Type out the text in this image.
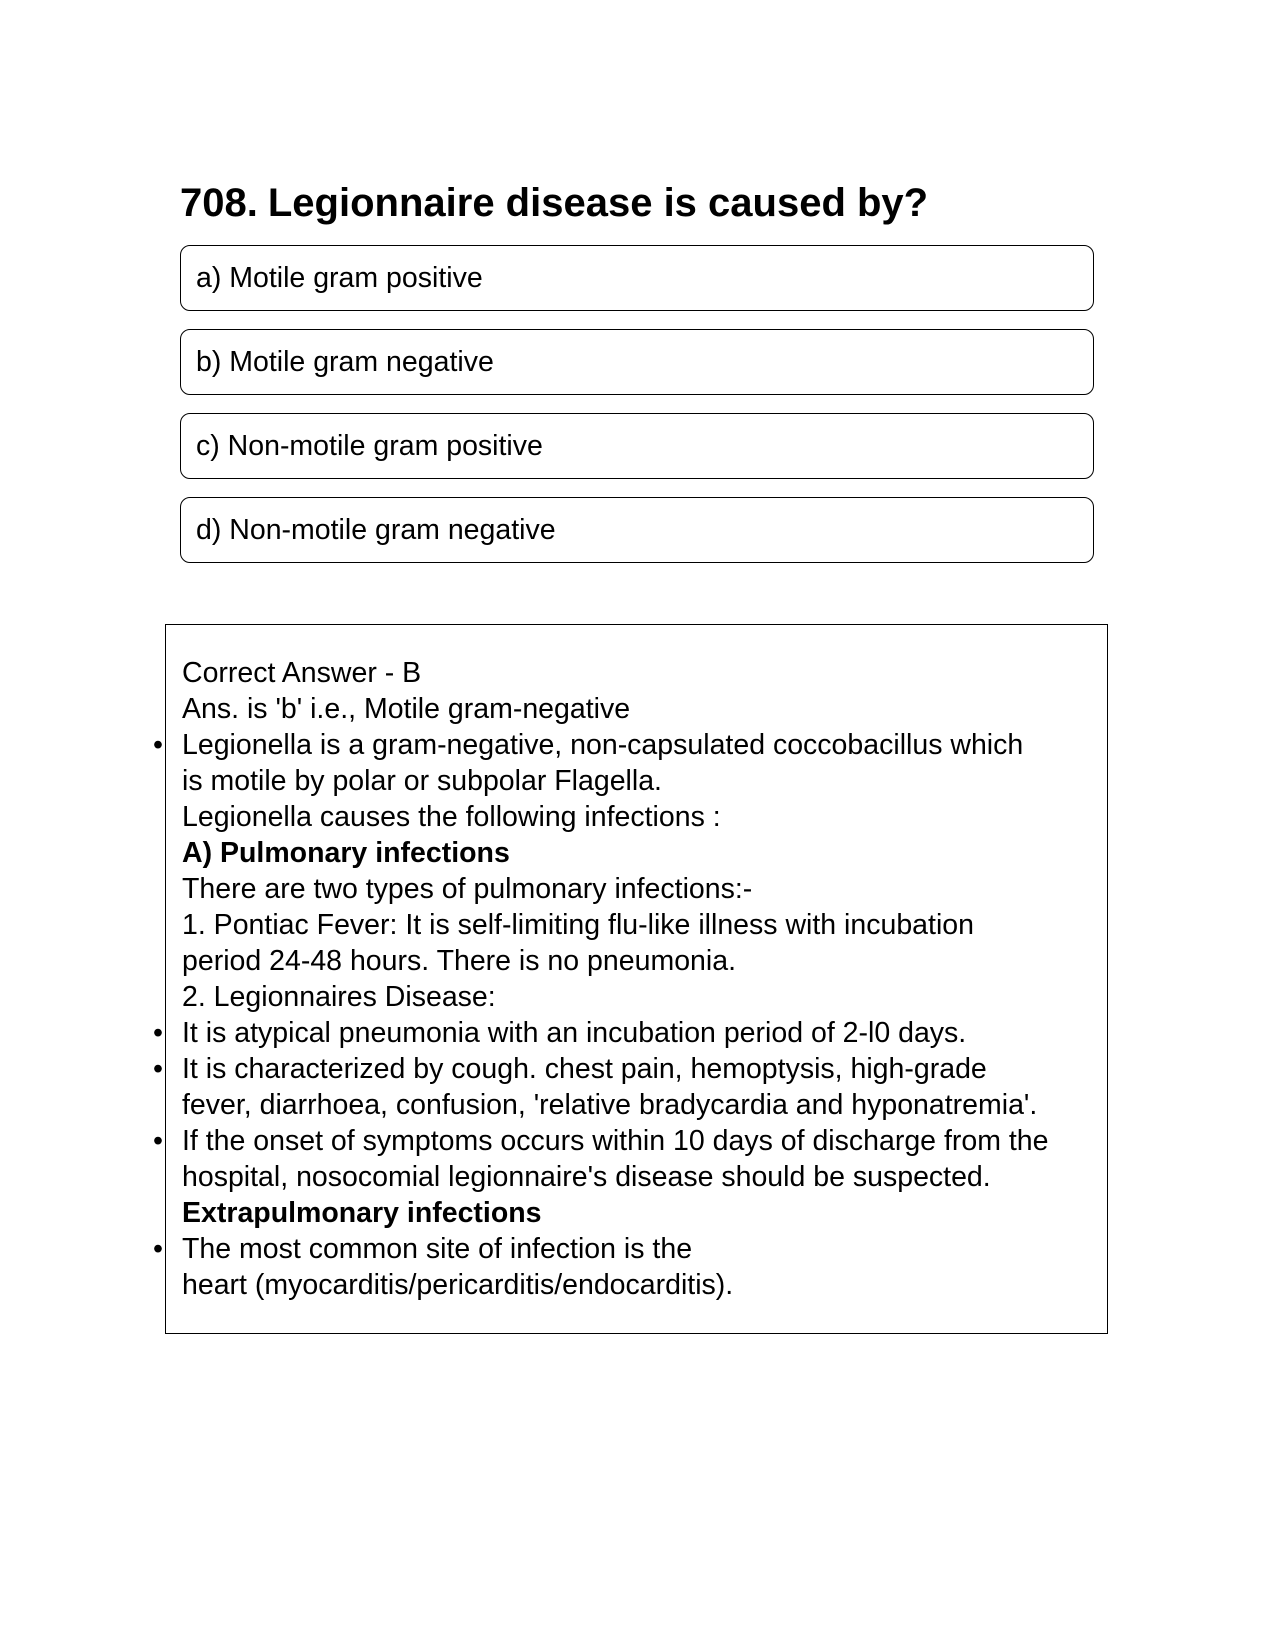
708. Legionnaire disease is caused by?
a) Motile gram positive
b) Motile gram negative
c) Non-motile gram positive
d) Non-motile gram negative
Correct Answer - B
Ans. is 'b' i.e., Motile gram-negative
• Legionella is a gram-negative, non-capsulated coccobacillus which
is motile by polar or subpolar Flagella.
Legionella causes the following infections :
A) Pulmonary infections
There are two types of pulmonary infections:-
1. Pontiac Fever: It is self-limiting flu-like illness with incubation
period 24-48 hours. There is no pneumonia.
2. Legionnaires Disease:
• It is atypical pneumonia with an incubation period of 2-l0 days.
• It is characterized by cough. chest pain, hemoptysis, high-grade
fever, diarrhoea, confusion, 'relative bradycardia and hyponatremia'.
• If the onset of symptoms occurs within 10 days of discharge from the
hospital, nosocomial legionnaire's disease should be suspected.
Extrapulmonary infections
• The most common site of infection is the
heart (myocarditis/pericarditis/endocarditis).
